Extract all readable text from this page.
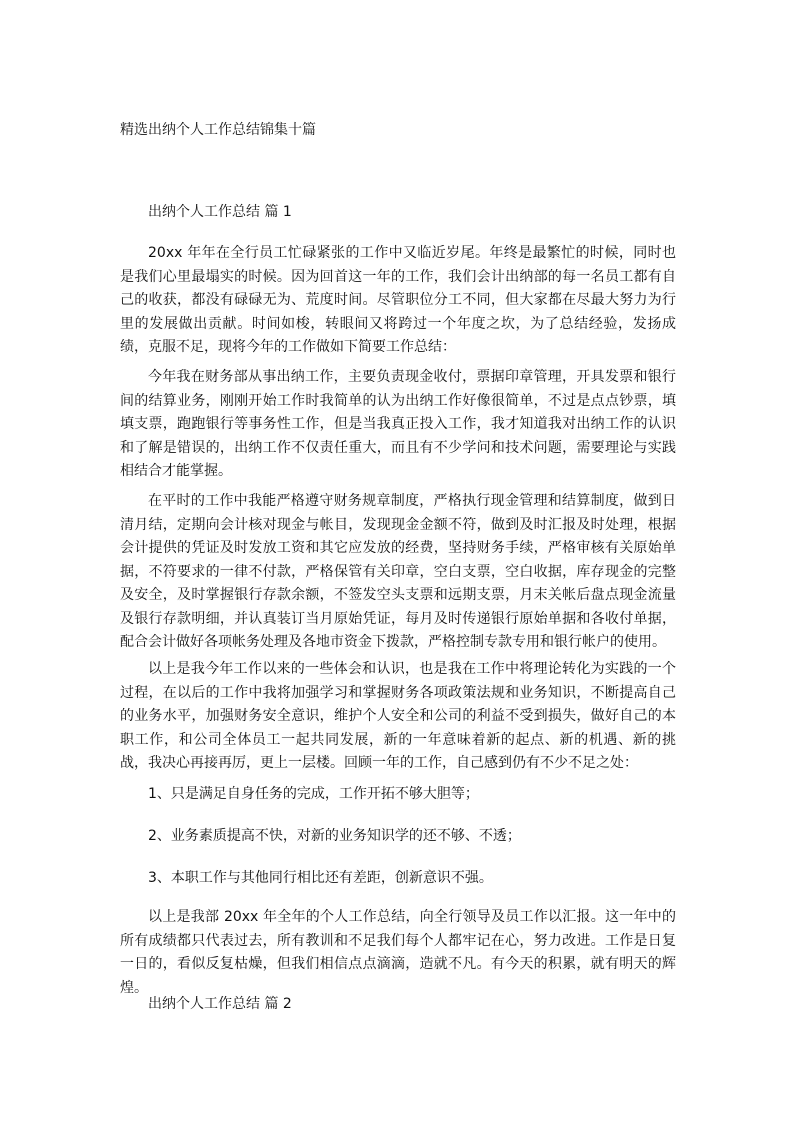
精选出纳个人工作总结锦集十篇
出纳个人工作总结 篇 1

20xx 年年在全行员工忙碌紧张的工作中又临近岁尾。年终是最繁忙的时候，同时也是我们心里最塌实的时候。因为回首这一年的工作，我们会计出纳部的每一名员工都有自己的收获，都没有碌碌无为、荒度时间。尽管职位分工不同，但大家都在尽最大努力为行里的发展做出贡献。时间如梭，转眼间又将跨过一个年度之坎，为了总结经验，发扬成绩，克服不足，现将今年的工作做如下简要工作总结：

今年我在财务部从事出纳工作，主要负责现金收付，票据印章管理，开具发票和银行间的结算业务，刚刚开始工作时我简单的认为出纳工作好像很简单，不过是点点钞票，填填支票，跑跑银行等事务性工作，但是当我真正投入工作，我才知道我对出纳工作的认识和了解是错误的，出纳工作不仅责任重大，而且有不少学问和技术问题，需要理论与实践相结合才能掌握。

在平时的工作中我能严格遵守财务规章制度，严格执行现金管理和结算制度，做到日清月结，定期向会计核对现金与帐目，发现现金金额不符，做到及时汇报及时处理，根据会计提供的凭证及时发放工资和其它应发放的经费，坚持财务手续，严格审核有关原始单据，不符要求的一律不付款，严格保管有关印章，空白支票，空白收据，库存现金的完整及安全，及时掌握银行存款余额，不签发空头支票和远期支票，月末关帐后盘点现金流量及银行存款明细，并认真装订当月原始凭证，每月及时传递银行原始单据和各收付单据，配合会计做好各项帐务处理及各地市资金下拨款，严格控制专款专用和银行帐户的使用。

以上是我今年工作以来的一些体会和认识，也是我在工作中将理论转化为实践的一个过程，在以后的工作中我将加强学习和掌握财务各项政策法规和业务知识，不断提高自己的业务水平，加强财务安全意识，维护个人安全和公司的利益不受到损失，做好自己的本职工作，和公司全体员工一起共同发展，新的一年意味着新的起点、新的机遇、新的挑战，我决心再接再厉，更上一层楼。回顾一年的工作，自己感到仍有不少不足之处：

1、只是满足自身任务的完成，工作开拓不够大胆等；
2、业务素质提高不快，对新的业务知识学的还不够、不透；
3、本职工作与其他同行相比还有差距，创新意识不强。

以上是我部 20xx 年全年的个人工作总结，向全行领导及员工作以汇报。这一年中的所有成绩都只代表过去，所有教训和不足我们每个人都牢记在心，努力改进。工作是日复一日的，看似反复枯燥，但我们相信点点滴滴，造就不凡。有今天的积累，就有明天的辉煌。

出纳个人工作总结 篇 2
